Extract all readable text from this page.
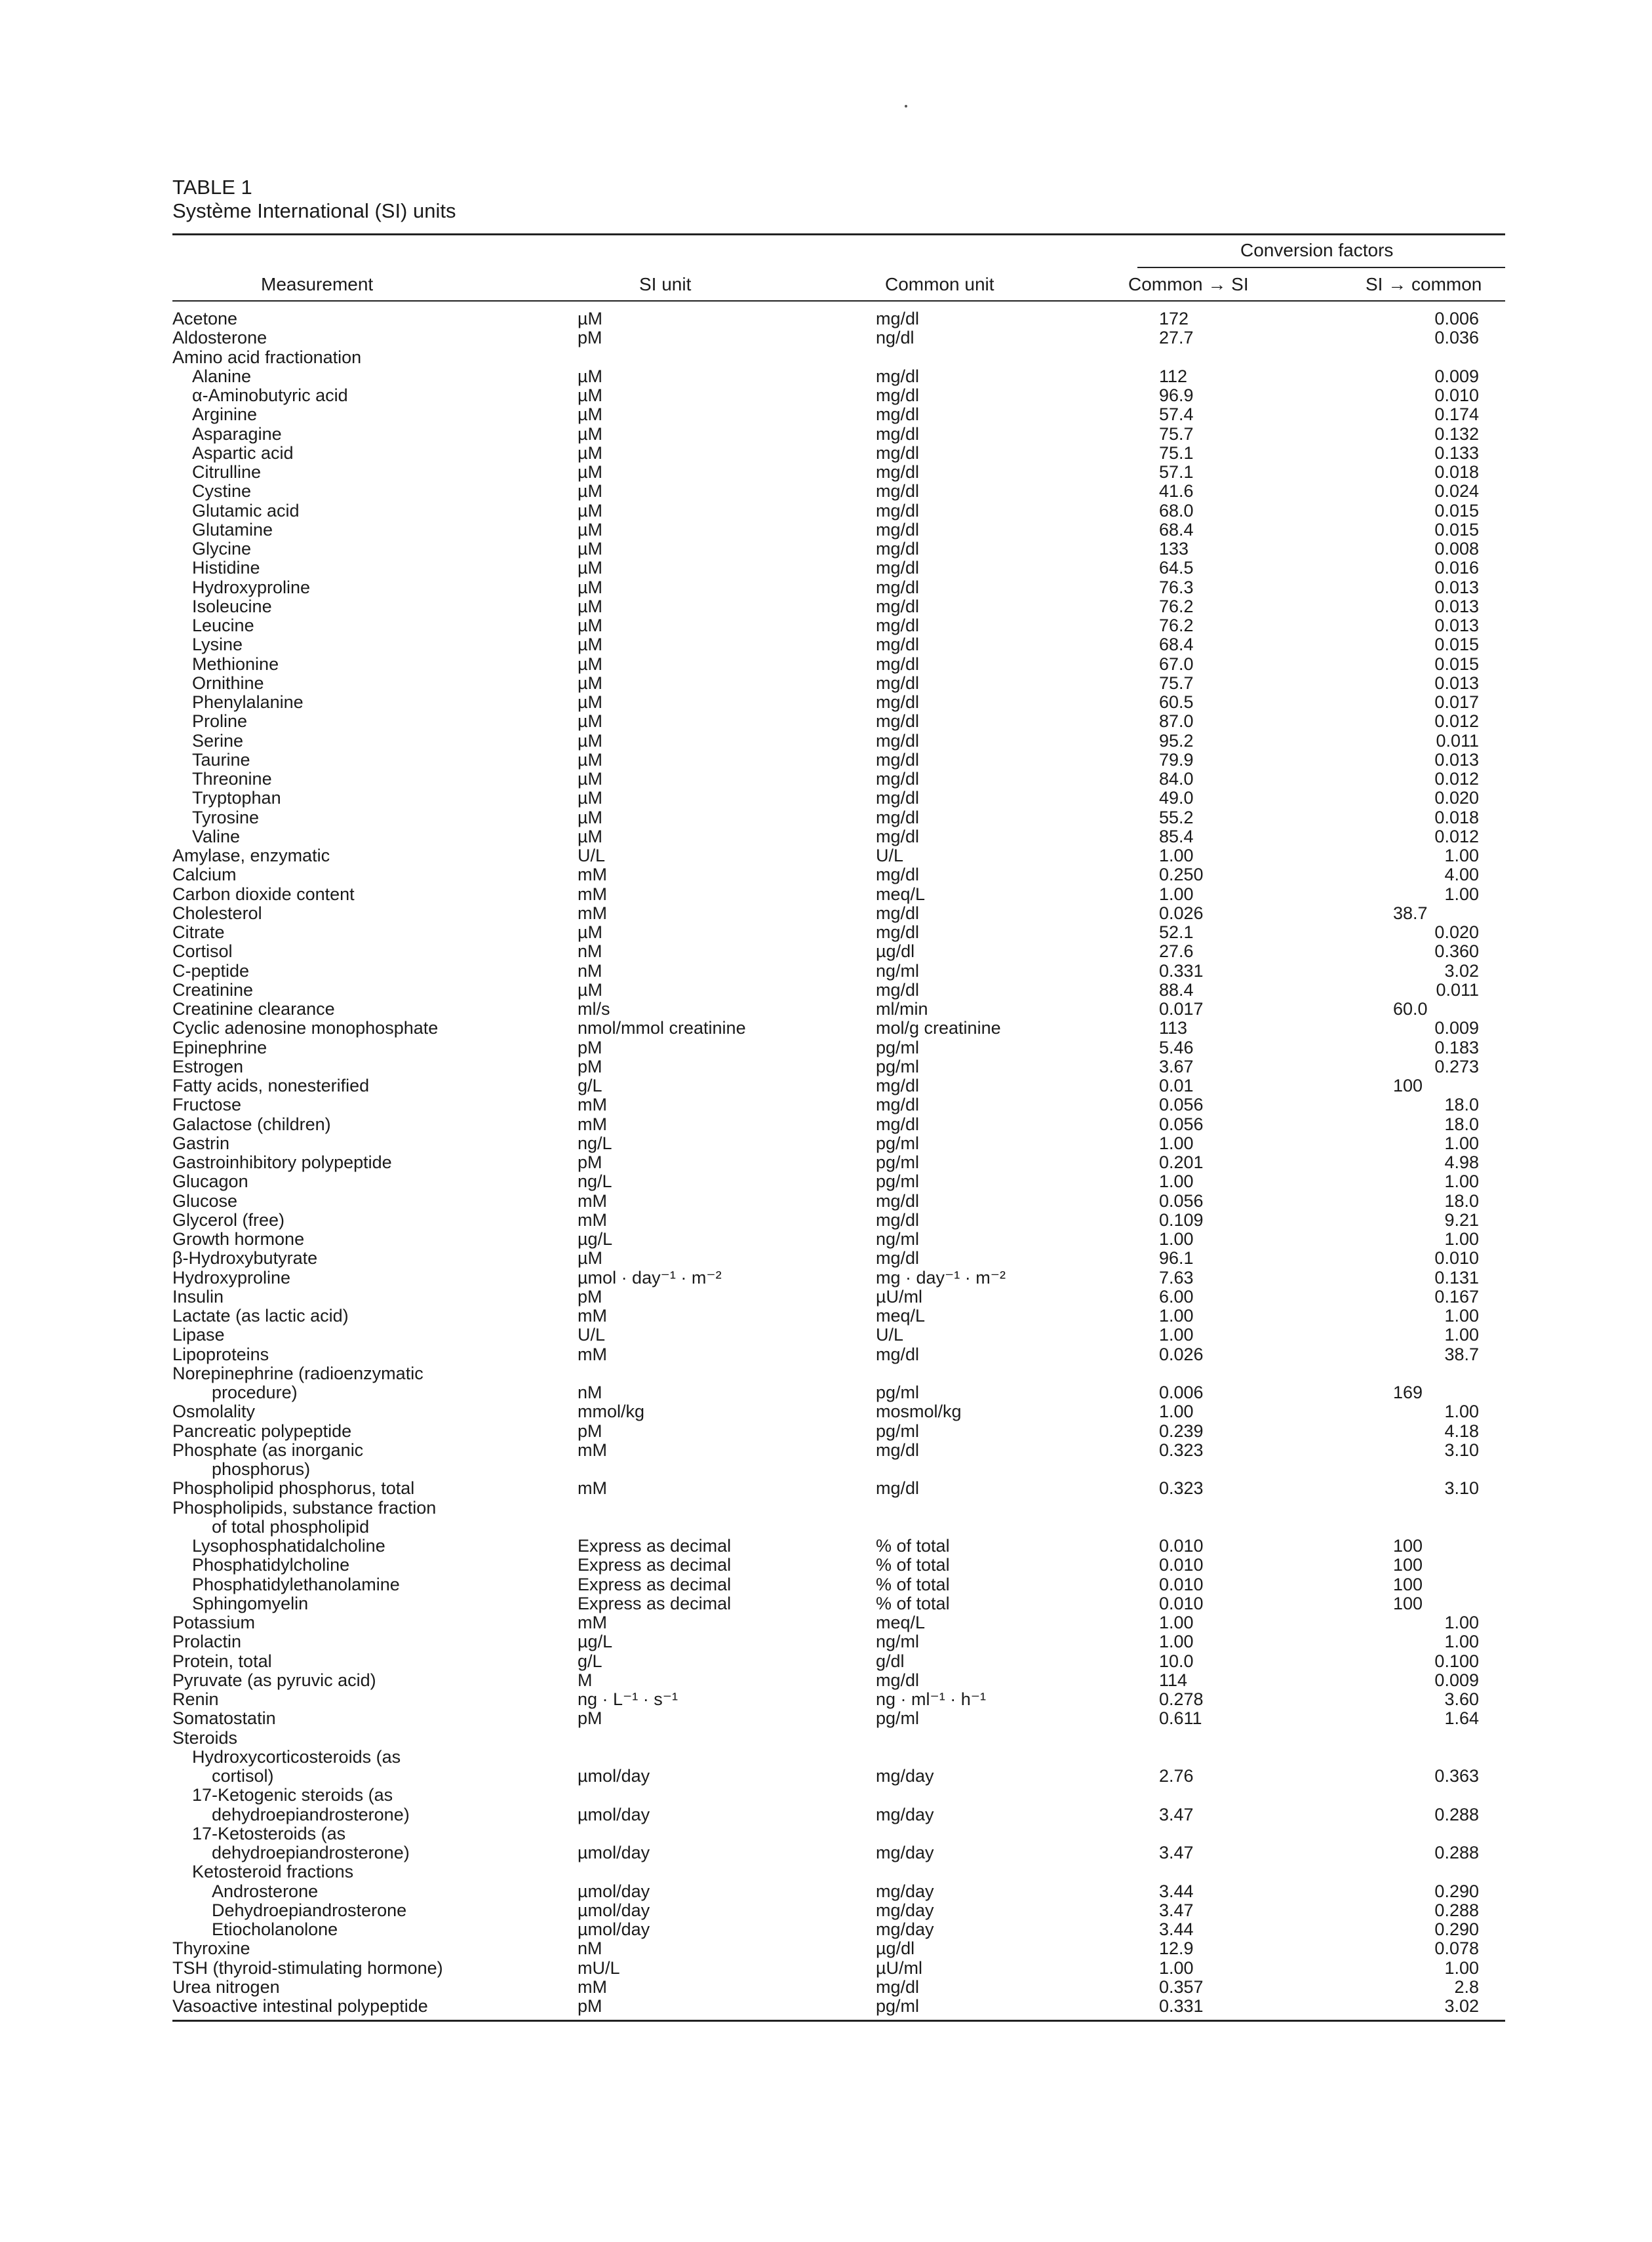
TABLE 1
Système International (SI) units
Conversion factors
Measurement	SI unit	Common unit	Common → SI	SI → common
Acetone	µM	mg/dl	172	0.006
Aldosterone	pM	ng/dl	27.7	0.036
Amino acid fractionation
Alanine	µM	mg/dl	112	0.009
α-Aminobutyric acid	µM	mg/dl	96.9	0.010
Arginine	µM	mg/dl	57.4	0.174
Asparagine	µM	mg/dl	75.7	0.132
Aspartic acid	µM	mg/dl	75.1	0.133
Citrulline	µM	mg/dl	57.1	0.018
Cystine	µM	mg/dl	41.6	0.024
Glutamic acid	µM	mg/dl	68.0	0.015
Glutamine	µM	mg/dl	68.4	0.015
Glycine	µM	mg/dl	133	0.008
Histidine	µM	mg/dl	64.5	0.016
Hydroxyproline	µM	mg/dl	76.3	0.013
Isoleucine	µM	mg/dl	76.2	0.013
Leucine	µM	mg/dl	76.2	0.013
Lysine	µM	mg/dl	68.4	0.015
Methionine	µM	mg/dl	67.0	0.015
Ornithine	µM	mg/dl	75.7	0.013
Phenylalanine	µM	mg/dl	60.5	0.017
Proline	µM	mg/dl	87.0	0.012
Serine	µM	mg/dl	95.2	0.011
Taurine	µM	mg/dl	79.9	0.013
Threonine	µM	mg/dl	84.0	0.012
Tryptophan	µM	mg/dl	49.0	0.020
Tyrosine	µM	mg/dl	55.2	0.018
Valine	µM	mg/dl	85.4	0.012
Amylase, enzymatic	U/L	U/L	1.00	1.00
Calcium	mM	mg/dl	0.250	4.00
Carbon dioxide content	mM	meq/L	1.00	1.00
Cholesterol	mM	mg/dl	0.026	38.7
Citrate	µM	mg/dl	52.1	0.020
Cortisol	nM	µg/dl	27.6	0.360
C-peptide	nM	ng/ml	0.331	3.02
Creatinine	µM	mg/dl	88.4	0.011
Creatinine clearance	ml/s	ml/min	0.017	60.0
Cyclic adenosine monophosphate	nmol/mmol creatinine	mol/g creatinine	113	0.009
Epinephrine	pM	pg/ml	5.46	0.183
Estrogen	pM	pg/ml	3.67	0.273
Fatty acids, nonesterified	g/L	mg/dl	0.01	100
Fructose	mM	mg/dl	0.056	18.0
Galactose (children)	mM	mg/dl	0.056	18.0
Gastrin	ng/L	pg/ml	1.00	1.00
Gastroinhibitory polypeptide	pM	pg/ml	0.201	4.98
Glucagon	ng/L	pg/ml	1.00	1.00
Glucose	mM	mg/dl	0.056	18.0
Glycerol (free)	mM	mg/dl	0.109	9.21
Growth hormone	µg/L	ng/ml	1.00	1.00
β-Hydroxybutyrate	µM	mg/dl	96.1	0.010
Hydroxyproline	µmol · day⁻¹ · m⁻²	mg · day⁻¹ · m⁻²	7.63	0.131
Insulin	pM	µU/ml	6.00	0.167
Lactate (as lactic acid)	mM	meq/L	1.00	1.00
Lipase	U/L	U/L	1.00	1.00
Lipoproteins	mM	mg/dl	0.026	38.7
Norepinephrine (radioenzymatic
procedure)	nM	pg/ml	0.006	169
Osmolality	mmol/kg	mosmol/kg	1.00	1.00
Pancreatic polypeptide	pM	pg/ml	0.239	4.18
Phosphate (as inorganic	mM	mg/dl	0.323	3.10
phosphorus)
Phospholipid phosphorus, total	mM	mg/dl	0.323	3.10
Phospholipids, substance fraction
of total phospholipid
Lysophosphatidalcholine	Express as decimal	% of total	0.010	100
Phosphatidylcholine	Express as decimal	% of total	0.010	100
Phosphatidylethanolamine	Express as decimal	% of total	0.010	100
Sphingomyelin	Express as decimal	% of total	0.010	100
Potassium	mM	meq/L	1.00	1.00
Prolactin	µg/L	ng/ml	1.00	1.00
Protein, total	g/L	g/dl	10.0	0.100
Pyruvate (as pyruvic acid)	M	mg/dl	114	0.009
Renin	ng · L⁻¹ · s⁻¹	ng · ml⁻¹ · h⁻¹	0.278	3.60
Somatostatin	pM	pg/ml	0.611	1.64
Steroids
Hydroxycorticosteroids (as
cortisol)	µmol/day	mg/day	2.76	0.363
17-Ketogenic steroids (as
dehydroepiandrosterone)	µmol/day	mg/day	3.47	0.288
17-Ketosteroids (as
dehydroepiandrosterone)	µmol/day	mg/day	3.47	0.288
Ketosteroid fractions
Androsterone	µmol/day	mg/day	3.44	0.290
Dehydroepiandrosterone	µmol/day	mg/day	3.47	0.288
Etiocholanolone	µmol/day	mg/day	3.44	0.290
Thyroxine	nM	µg/dl	12.9	0.078
TSH (thyroid-stimulating hormone)	mU/L	µU/ml	1.00	1.00
Urea nitrogen	mM	mg/dl	0.357	2.8
Vasoactive intestinal polypeptide	pM	pg/ml	0.331	3.02
